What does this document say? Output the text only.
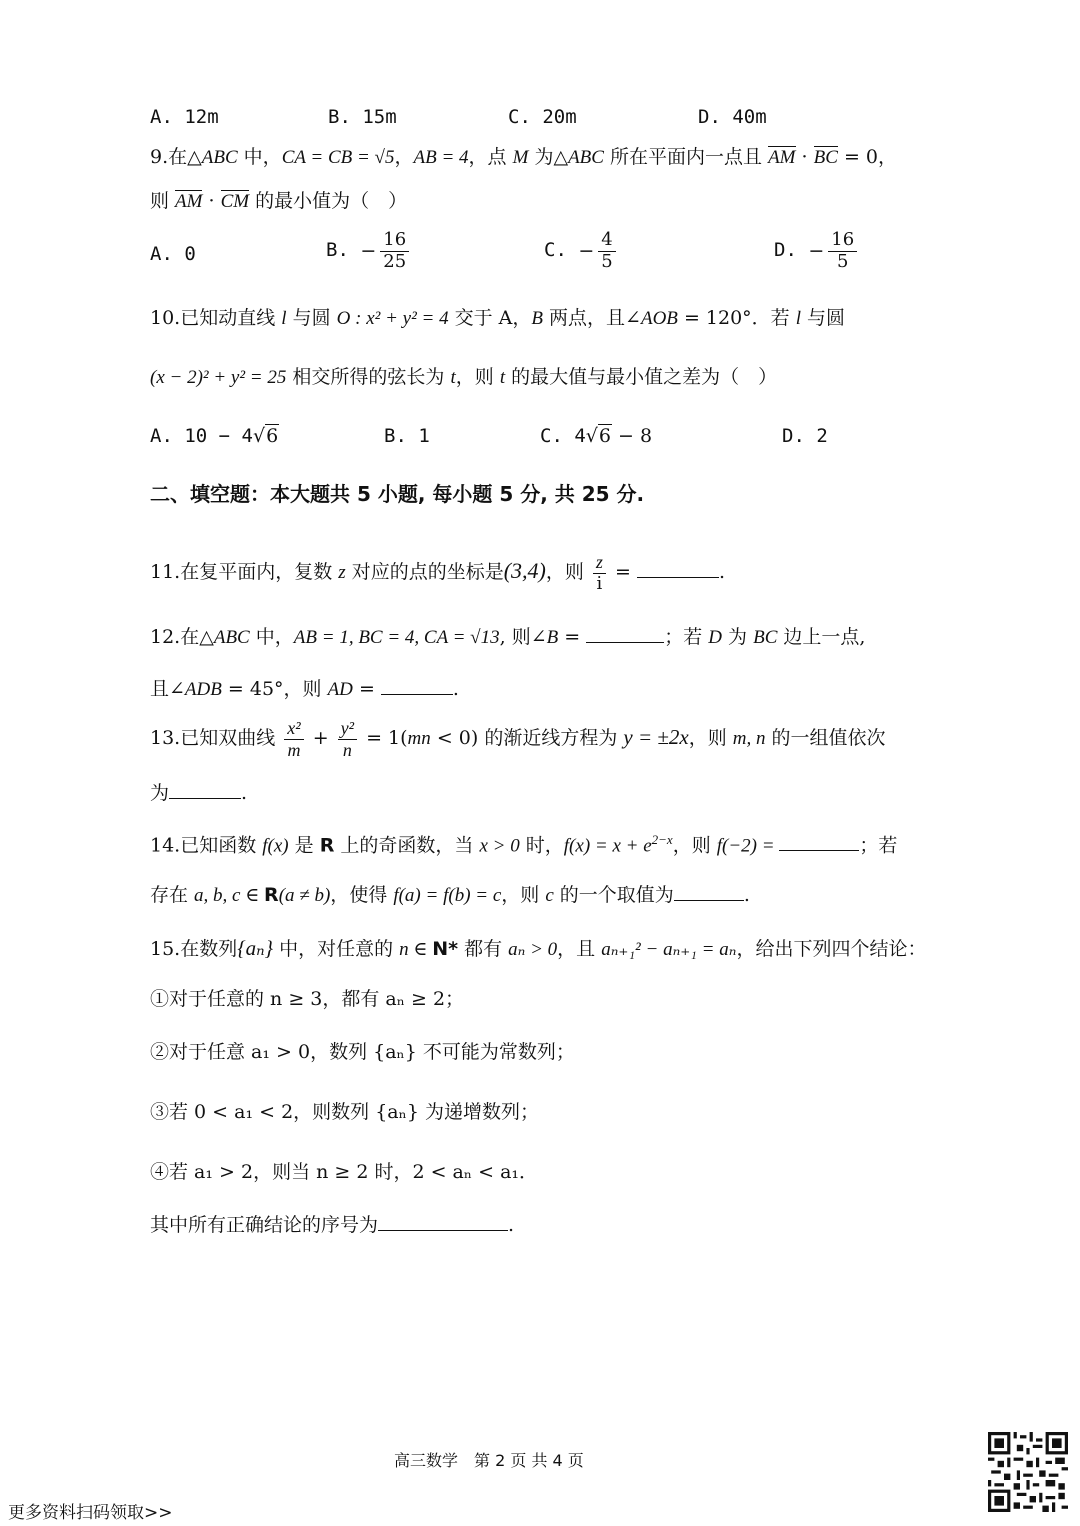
A. 12m	B. 15m	C. 20m	D. 40m
9.在△ABC 中，CA = CB = √5，AB = 4，点 M 为△ABC 所在平面内一点且 AM · BC = 0，
则 AM · CM 的最小值为（　）
A. 0	B. − $\frac{16}{25}$	C. − $\frac{4}{5}$	D. − $\frac{16}{5}$
10.已知动直线 l 与圆 O : x² + y² = 4 交于 A，B 两点，且∠AOB = 120°．若 l 与圆
(x − 2)² + y² = 25 相交所得的弦长为 t，则 t 的最大值与最小值之差为（　）
A. 10 − 4√6	B. 1	C. 4√6 − 8	D. 2
二、填空题：本大题共 5 小题, 每小题 5 分, 共 25 分.
11.在复平面内，复数 z 对应的点的坐标是(3,4)，则 $\frac{z}{i}$ =	.
12.在△ABC 中，AB = 1, BC = 4, CA = √13, 则∠B =	；若 D 为 BC 边上一点,
且∠ADB = 45°，则 AD =	.
13.已知双曲线 $\frac{\text{x²}}{m} + \frac{\text{y²}}{n} = 1(mn < 0)$ 的渐近线方程为 y = ±2x，则 m, n 的一组值依次
为	.
14.已知函数 f(x) 是 R 上的奇函数，当 x > 0 时，$f(x) = x + e^{2-x}$，则 f(−2) =	；若
存在 a, b, c ∈ R(a ≠ b)，使得 f(a) = f(b) = c，则 c 的一个取值为	.
15.在数列{aₙ} 中，对任意的 n ∈ N* 都有 aₙ > 0，且 aₙ₊₁² − aₙ₊₁ = aₙ，给出下列四个结论：
①对于任意的 n ≥ 3，都有 aₙ ≥ 2；
②对于任意 a₁ > 0，数列 {aₙ} 不可能为常数列；
③若 0 < a₁ < 2，则数列 {aₙ} 为递增数列；
④若 a₁ > 2，则当 n ≥ 2 时，2 < aₙ < a₁．
其中所有正确结论的序号为	.
高三数学　第 2 页 共 4 页
更多资料扫码领取>>
